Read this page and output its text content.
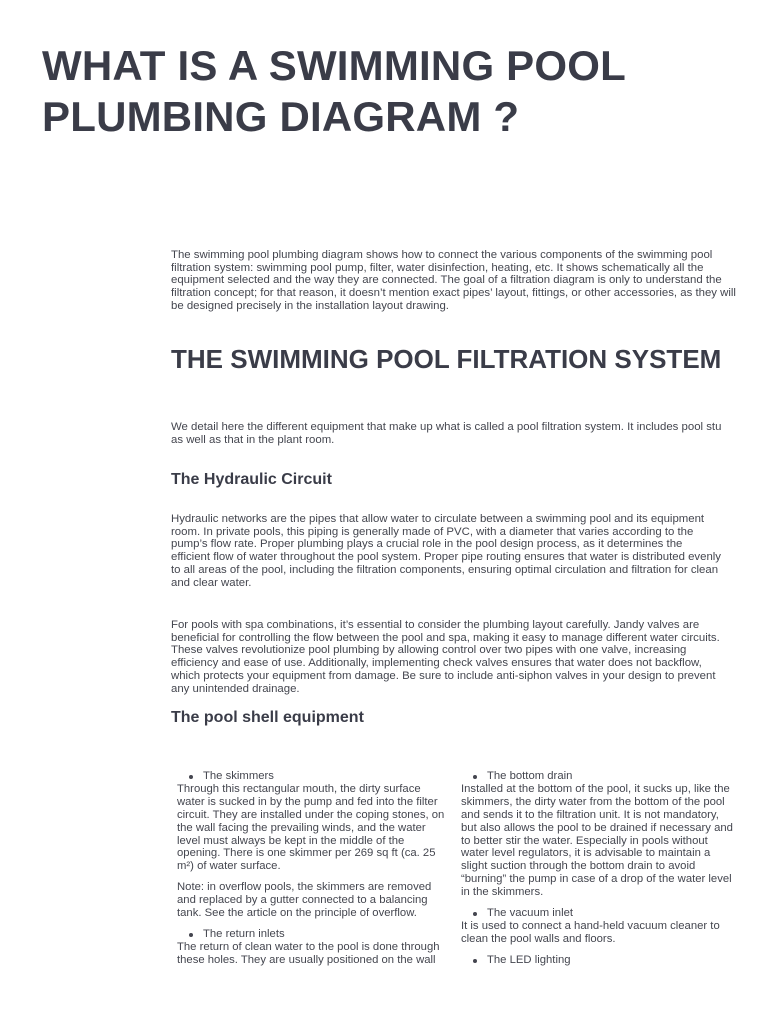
WHAT IS A SWIMMING POOL PLUMBING DIAGRAM ?

The swimming pool plumbing diagram shows how to connect the various components of the swimming pool filtration system: swimming pool pump, filter, water disinfection, heating, etc. It shows schematically all the equipment selected and the way they are connected. The goal of a filtration diagram is only to understand the filtration concept; for that reason, it doesn’t mention exact pipes’ layout, fittings, or other accessories, as they will be designed precisely in the installation layout drawing.

THE SWIMMING POOL FILTRATION SYSTEM

We detail here the different equipment that make up what is called a pool filtration system. It includes pool stu as well as that in the plant room.

The Hydraulic Circuit

Hydraulic networks are the pipes that allow water to circulate between a swimming pool and its equipment room. In private pools, this piping is generally made of PVC, with a diameter that varies according to the pump’s flow rate. Proper plumbing plays a crucial role in the pool design process, as it determines the efficient flow of water throughout the pool system. Proper pipe routing ensures that water is distributed evenly to all areas of the pool, including the filtration components, ensuring optimal circulation and filtration for clean and clear water.

For pools with spa combinations, it’s essential to consider the plumbing layout carefully. Jandy valves are beneficial for controlling the flow between the pool and spa, making it easy to manage different water circuits. These valves revolutionize pool plumbing by allowing control over two pipes with one valve, increasing efficiency and ease of use. Additionally, implementing check valves ensures that water does not backflow, which protects your equipment from damage. Be sure to include anti-siphon valves in your design to prevent any unintended drainage.

The pool shell equipment
The skimmers

Through this rectangular mouth, the dirty surface water is sucked in by the pump and fed into the filter circuit. They are installed under the coping stones, on the wall facing the prevailing winds, and the water level must always be kept in the middle of the opening. There is one skimmer per 269 sq ft (ca. 25 m²) of water surface.

Note: in overflow pools, the skimmers are removed and replaced by a gutter connected to a balancing tank. See the article on the principle of overflow.

The return inlets

The return of clean water to the pool is done through these holes. They are usually positioned on the wall

The bottom drain

Installed at the bottom of the pool, it sucks up, like the skimmers, the dirty water from the bottom of the pool and sends it to the filtration unit. It is not mandatory, but also allows the pool to be drained if necessary and to better stir the water. Especially in pools without water level regulators, it is advisable to maintain a slight suction through the bottom drain to avoid “burning” the pump in case of a drop of the water level in the skimmers.

The vacuum inlet

It is used to connect a hand-held vacuum cleaner to clean the pool walls and floors.

The LED lighting
